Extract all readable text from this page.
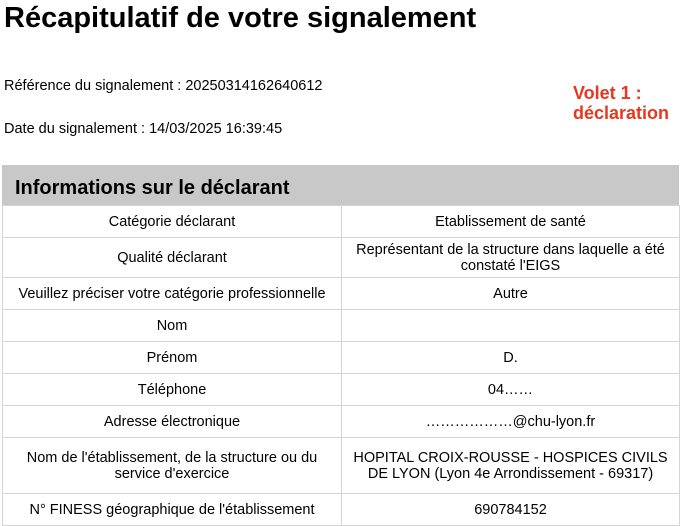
Récapitulatif de votre signalement
Référence du signalement : 20250314162640612
Date du signalement : 14/03/2025 16:39:45
Volet 1 :
déclaration
Informations sur le déclarant
Catégorie déclarant	Etablissement de santé
Qualité déclarant	Représentant de la structure dans laquelle a été constaté l'EIGS
Veuillez préciser votre catégorie professionnelle	Autre
Nom	
Prénom	D.
Téléphone	04……
Adresse électronique	………………@chu-lyon.fr
Nom de l'établissement, de la structure ou du service d'exercice	HOPITAL CROIX-ROUSSE - HOSPICES CIVILS DE LYON (Lyon 4e Arrondissement - 69317)
N° FINESS géographique de l'établissement	690784152
